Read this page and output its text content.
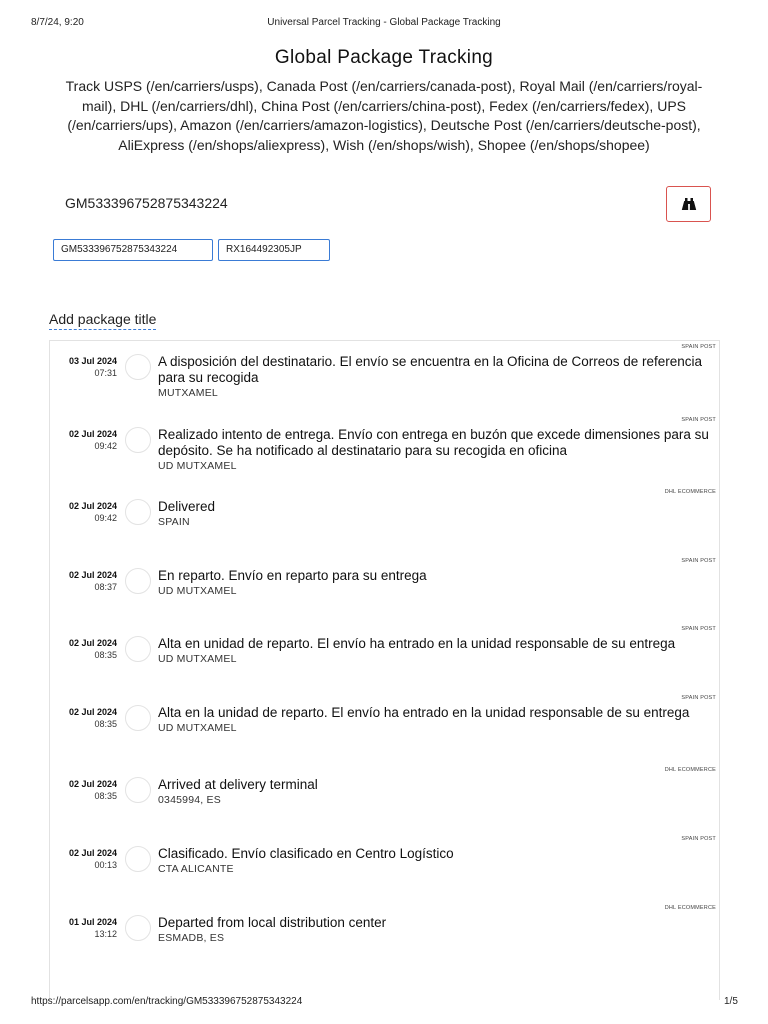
8/7/24, 9:20	Universal Parcel Tracking - Global Package Tracking
Global Package Tracking

Track USPS (/en/carriers/usps), Canada Post (/en/carriers/canada-post), Royal Mail (/en/carriers/royal-mail), DHL (/en/carriers/dhl), China Post (/en/carriers/china-post), Fedex (/en/carriers/fedex), UPS (/en/carriers/ups), Amazon (/en/carriers/amazon-logistics), Deutsche Post (/en/carriers/deutsche-post), AliExpress (/en/shops/aliexpress), Wish (/en/shops/wish), Shopee (/en/shops/shopee)

GM533396752875343224
GM533396752875343224	RX164492305JP
Add package title
SPAIN POST
03 Jul 2024
07:31
A disposición del destinatario. El envío se encuentra en la Oficina de Correos de referencia para su recogida
MUTXAMEL
SPAIN POST
02 Jul 2024
09:42
Realizado intento de entrega. Envío con entrega en buzón que excede dimensiones para su depósito. Se ha notificado al destinatario para su recogida en oficina
UD MUTXAMEL
DHL ECOMMERCE
02 Jul 2024
09:42
Delivered
SPAIN
SPAIN POST
02 Jul 2024
08:37
En reparto. Envío en reparto para su entrega
UD MUTXAMEL
SPAIN POST
02 Jul 2024
08:35
Alta en unidad de reparto. El envío ha entrado en la unidad responsable de su entrega
UD MUTXAMEL
SPAIN POST
02 Jul 2024
08:35
Alta en la unidad de reparto. El envío ha entrado en la unidad responsable de su entrega
UD MUTXAMEL
DHL ECOMMERCE
02 Jul 2024
08:35
Arrived at delivery terminal
0345994, ES
SPAIN POST
02 Jul 2024
00:13
Clasificado. Envío clasificado en Centro Logístico
CTA ALICANTE
DHL ECOMMERCE
01 Jul 2024
13:12
Departed from local distribution center
ESMADB, ES
https://parcelsapp.com/en/tracking/GM533396752875343224	1/5
